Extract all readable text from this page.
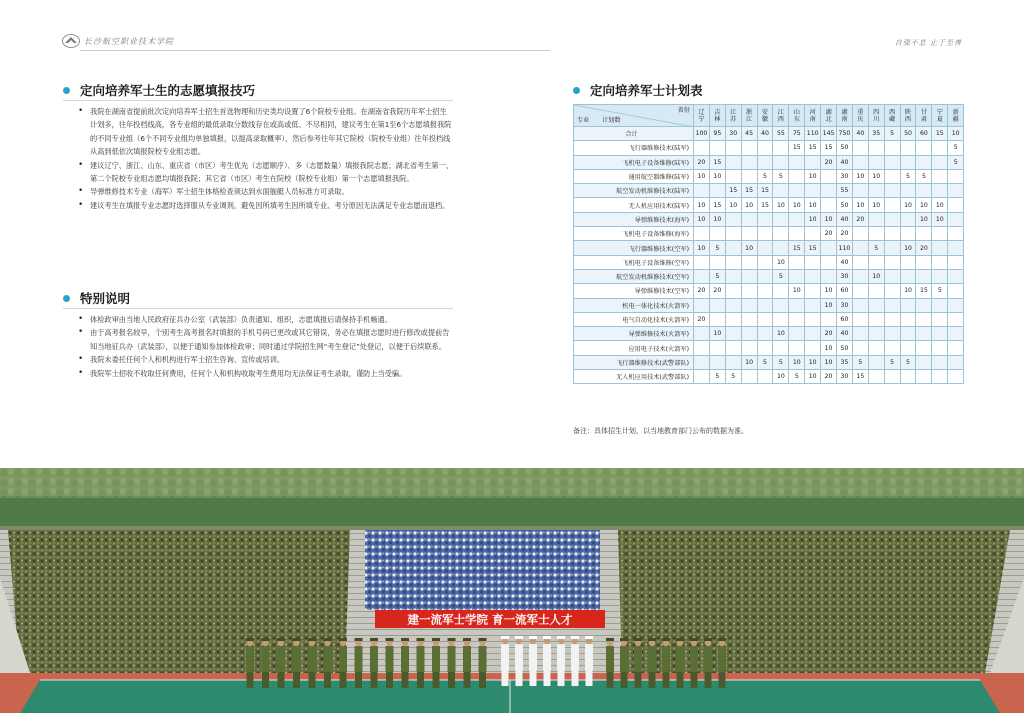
长沙航空职业技术学院	自强不息 止于至善
定向培养军士生的志愿填报技巧
• 我院在湖南省提前批次定向培养军士招生首选物理和历史类均设置了6个院校专业组。在湖南省我院历年军士招生计划多，往年投档线高，各专业组的最低录取分数线存在或高或低、不尽相同，建议考生在第1至6个志愿填报我院的不同专业组（6个不同专业组均单独填报，以提高录取概率），然后参考往年其它院校（院校专业组）往年投档线从高到低依次填报院校专业组志愿。
• 建议辽宁、浙江、山东、重庆省（市区）考生优先（志愿顺序）、多（志愿数量）填报我院志愿；湖北省考生第一、第二个院校专业组志愿均填报我院；其它省（市区）考生在院校（院校专业组）第一个志愿填报我院。
• 导弹维修技术专业（海军）军士招生体格检查须达到水面舰艇人员标准方可录取。
• 建议考生在填报专业志愿时选择服从专业调剂，避免因所填考生因所填专业、考分原因无法满足专业志愿而退档。
特别说明
• 体检政审由当地人民政府征兵办公室（武装部）负责通知、组织，志愿填报后请保持手机畅通。
• 由于高考报名较早，个别考生高考报名时填报的手机号码已更改或其它错误，务必在填报志愿时进行修改或提前告知当地征兵办（武装部），以便于通知参加体检政审；同时通过学院招生网“考生登记”处登记，以便于后续联系。
• 我院未委托任何个人和机构进行军士招生咨询、宣传或培训。
• 我院军士招收不收取任何费用，任何个人和机构收取考生费用均无法保证考生录取，谨防上当受骗。
定向培养军士计划表
省份
专业 计划数	辽宁	吉林	江苏	浙江	安徽	江西	山东	河南	湖北	湖南	重庆	四川	西藏	陕西	甘肃	宁夏	新疆
合计	100	95	30	45	40	55	75	110	145	750	40	35	5	50	60	15	10
飞行器维修技术(陆军)							15	15	15	50							5
飞机电子设备维修(陆军)	20	15							20	40							5
通用航空器维修(陆军)	10	10			5	5		10		30	10	10		5	5		
航空发动机维修技术(陆军)			15	15	15					55							
无人机应用技术(陆军)	10	15	10	10	15	10	10	10		50	10	10		10	10	10	
导弹维修技术(海军)	10	10						10	10	40	20				10	10	
飞机电子设备维修(海军)									20	20							
飞行器维修技术(空军)	10	5		10			15	15		110		5		10	20		
飞机电子设备维修(空军)						10				40							
航空发动机维修技术(空军)		5				5				30		10					
导弹维修技术(空军)	20	20					10		10	60				10	15	5	
机电一体化技术(火箭军)									10	30							
电气自动化技术(火箭军)	20									60							
导弹维修技术(火箭军)		10				10			20	40							
应用电子技术(火箭军)									10	50							
飞行器维修技术(武警部队)				10	5	5	10	10	10	35	5		5	5			
无人机应用技术(武警部队)		5	5			10	5	10	20	30	15						
备注：具体招生计划，以当地教育部门公布的数据为准。
建一流军士学院 育一流军士人才
